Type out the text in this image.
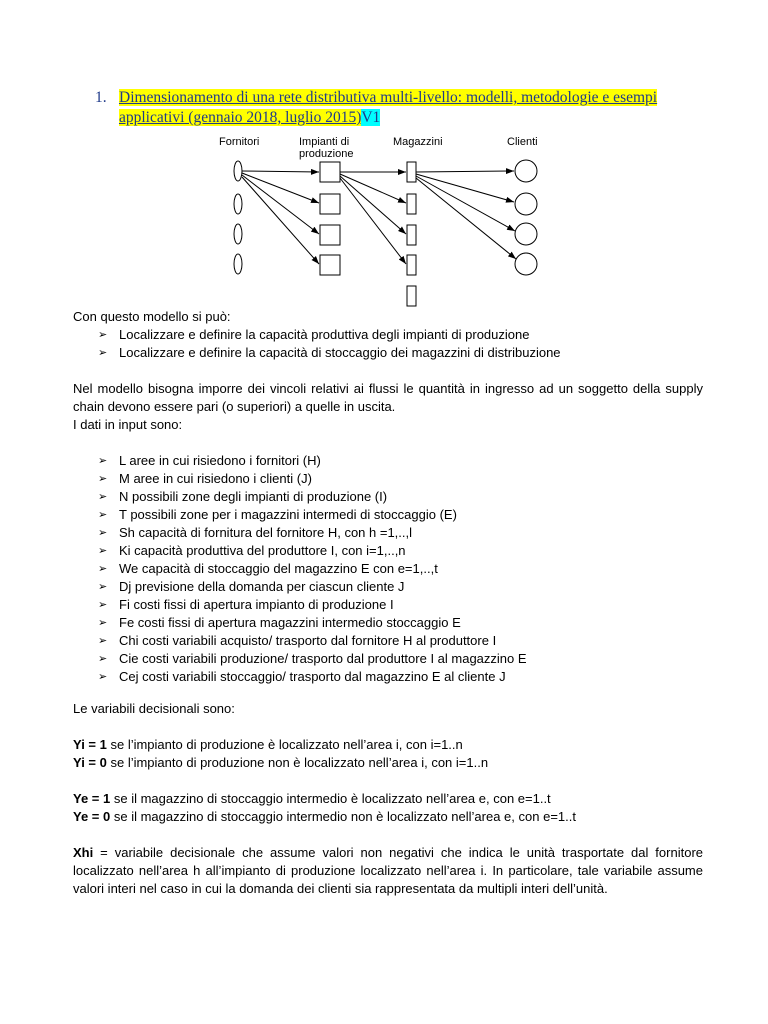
1. Dimensionamento di una rete distributiva multi-livello: modelli, metodologie e esempi applicativi (gennaio 2018, luglio 2015)V1
Fornitori	Impianti di produzione
Magazzini	Clienti

Con questo modello si può:

➢ Localizzare e definire la capacità produttiva degli impianti di produzione
➢ Localizzare e definire la capacità di stoccaggio dei magazzini di distribuzione

Nel modello bisogna imporre dei vincoli relativi ai flussi le quantità in ingresso ad un soggetto della supply chain devono essere pari (o superiori) a quelle in uscita.

I dati in input sono:

➢ L aree in cui risiedono i fornitori (H)
➢ M aree in cui risiedono i clienti (J)
➢ N possibili zone degli impianti di produzione (I)
➢ T possibili zone per i magazzini intermedi di stoccaggio (E)
➢ Sh capacità di fornitura del fornitore H, con h =1,..,l
➢ Ki capacità produttiva del produttore I, con i=1,..,n
➢ We capacità di stoccaggio del magazzino E con e=1,..,t
➢ Dj previsione della domanda per ciascun cliente J
➢ Fi costi fissi di apertura impianto di produzione I
➢ Fe costi fissi di apertura magazzini intermedio stoccaggio E
➢ Chi costi variabili acquisto/ trasporto dal fornitore H al produttore I
➢ Cie costi variabili produzione/ trasporto dal produttore I al magazzino E
➢ Cej costi variabili stoccaggio/ trasporto dal magazzino E al cliente J

Le variabili decisionali sono:

Yi = 1 se l’impianto di produzione è localizzato nell’area i, con i=1..n

Yi = 0 se l’impianto di produzione non è localizzato nell’area i, con i=1..n

Ye = 1 se il magazzino di stoccaggio intermedio è localizzato nell’area e, con e=1..t

Ye = 0 se il magazzino di stoccaggio intermedio non è localizzato nell’area e, con e=1..t

Xhi = variabile decisionale che assume valori non negativi che indica le unità trasportate dal fornitore localizzato nell’area h all’impianto di produzione localizzato nell’area i. In particolare, tale variabile assume valori interi nel caso in cui la domanda dei clienti sia rappresentata da multipli interi dell’unità.
